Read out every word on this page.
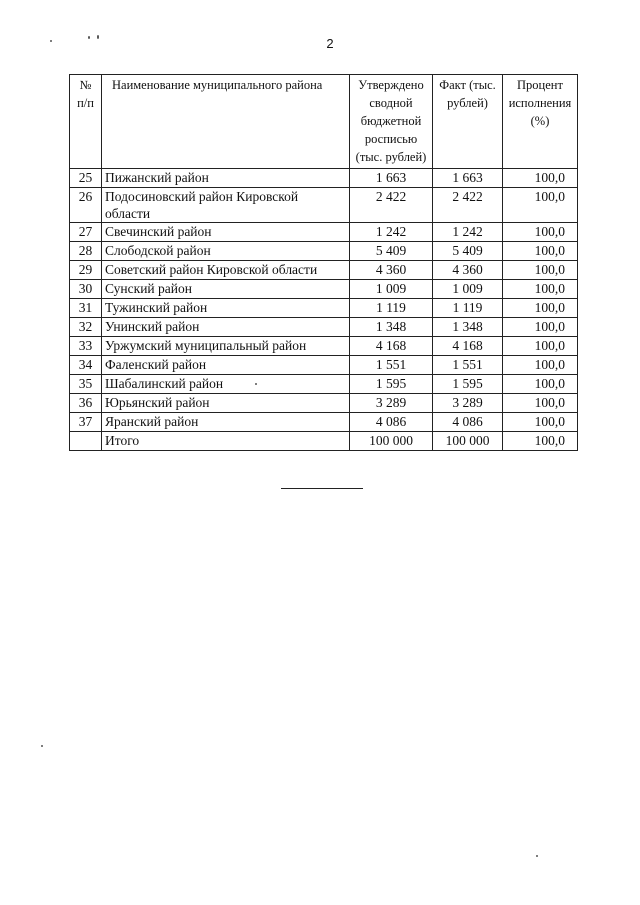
2
№ п/п	Наименование муниципального района	Утверждено сводной бюджетной росписью (тыс. рублей)	Факт (тыс. рублей)	Процент исполнения (%)
25	Пижанский район	1 663	1 663	100,0
26	Подосиновский район Кировской области	2 422	2 422	100,0
27	Свечинский район	1 242	1 242	100,0
28	Слободской район	5 409	5 409	100,0
29	Советский район Кировской области	4 360	4 360	100,0
30	Сунский район	1 009	1 009	100,0
31	Тужинский район	1 119	1 119	100,0
32	Унинский район	1 348	1 348	100,0
33	Уржумский муниципальный район	4 168	4 168	100,0
34	Фаленский район	1 551	1 551	100,0
35	Шабалинский район	1 595	1 595	100,0
36	Юрьянский район	3 289	3 289	100,0
37	Яранский район	4 086	4 086	100,0
	Итого	100 000	100 000	100,0
